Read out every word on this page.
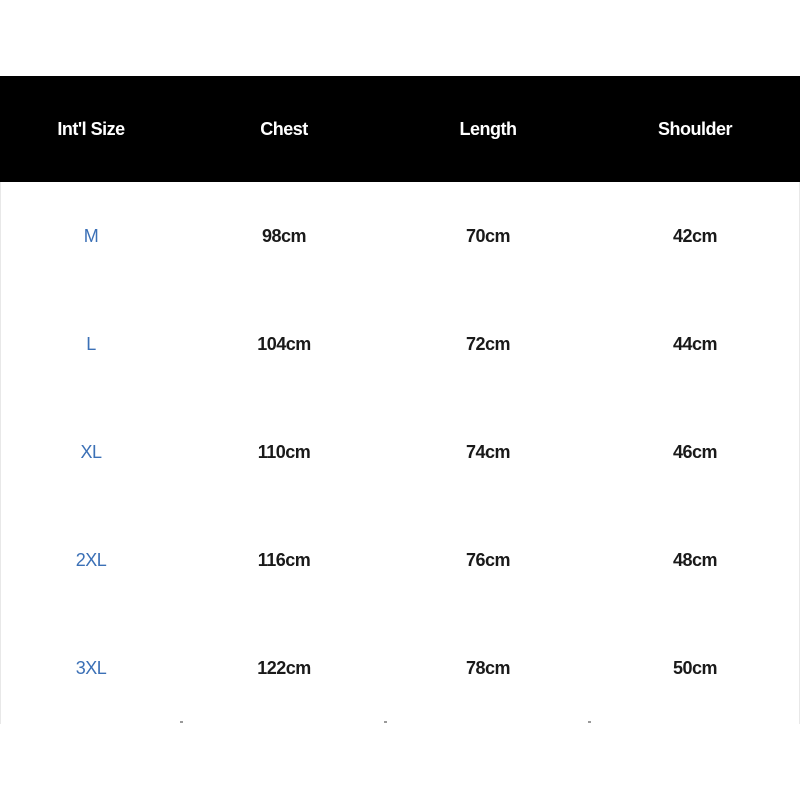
Int'l Size	Chest	Length	Shoulder
M	98cm	70cm	42cm
L	104cm	72cm	44cm
XL	110cm	74cm	46cm
2XL	116cm	76cm	48cm
3XL	122cm	78cm	50cm
